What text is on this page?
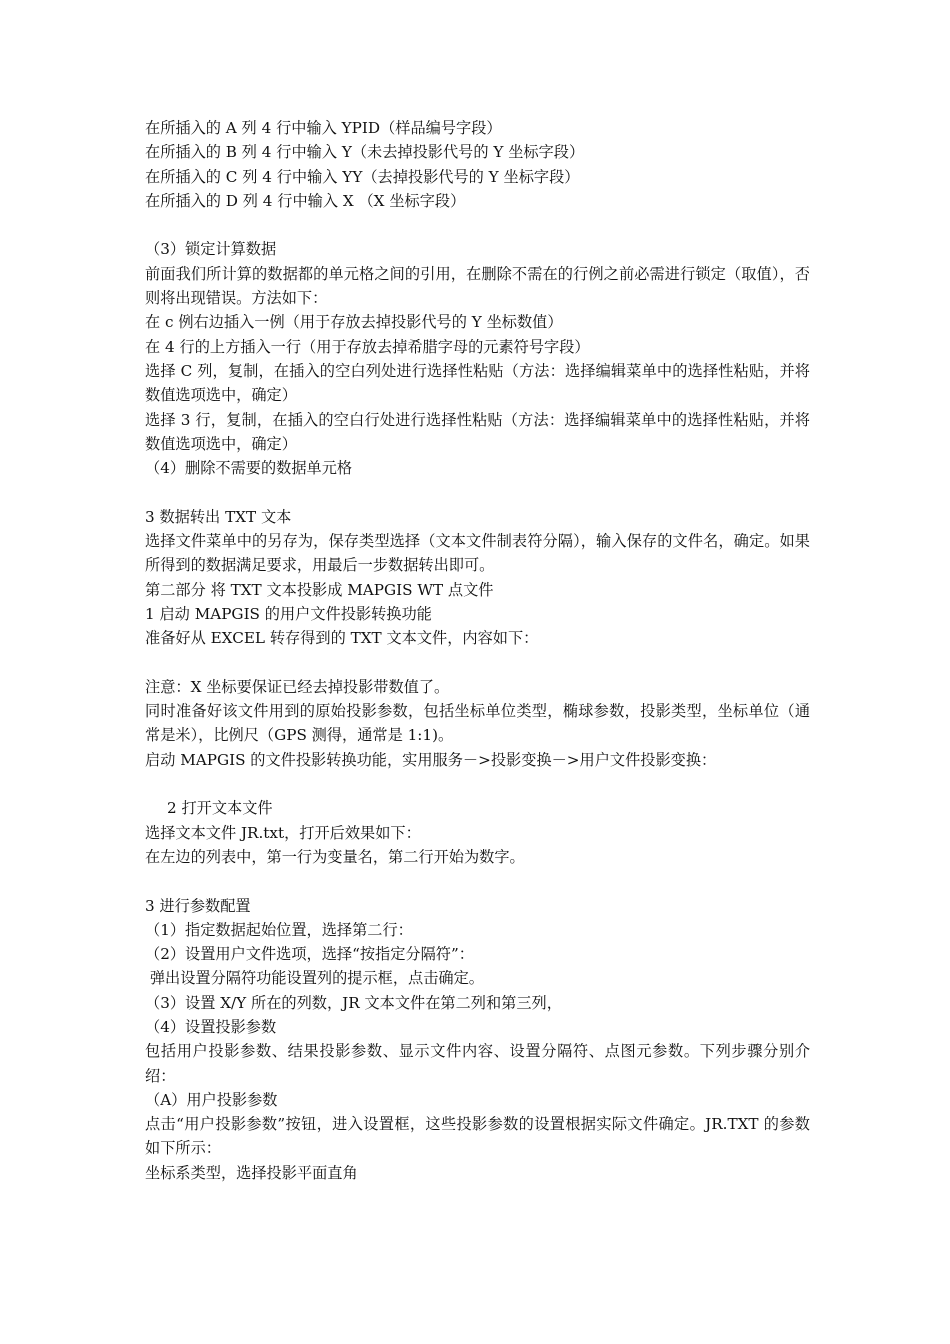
在所插入的 A 列 4 行中输入 YPID（样品编号字段）
在所插入的 B 列 4 行中输入 Y（未去掉投影代号的 Y 坐标字段）
在所插入的 C 列 4 行中输入 YY（去掉投影代号的 Y 坐标字段）
在所插入的 D 列 4 行中输入 X （X 坐标字段）
（3）锁定计算数据
前面我们所计算的数据都的单元格之间的引用，在删除不需在的行例之前必需进行锁定（取值），否则将出现错误。方法如下：
在 c 例右边插入一例（用于存放去掉投影代号的 Y 坐标数值）
在 4 行的上方插入一行（用于存放去掉希腊字母的元素符号字段）
选择 C 列，复制，在插入的空白列处进行选择性粘贴（方法：选择编辑菜单中的选择性粘贴，并将数值选项选中，确定）
选择 3 行，复制，在插入的空白行处进行选择性粘贴（方法：选择编辑菜单中的选择性粘贴，并将数值选项选中，确定）
（4）删除不需要的数据单元格
3 数据转出 TXT 文本
选择文件菜单中的另存为，保存类型选择（文本文件制表符分隔），输入保存的文件名，确定。如果所得到的数据满足要求，用最后一步数据转出即可。
第二部分 将 TXT 文本投影成 MAPGIS WT 点文件
1 启动 MAPGIS 的用户文件投影转换功能
准备好从 EXCEL 转存得到的 TXT 文本文件，内容如下：
注意：X 坐标要保证已经去掉投影带数值了。
同时准备好该文件用到的原始投影参数，包括坐标单位类型，椭球参数，投影类型，坐标单位（通常是米），比例尺（GPS 测得，通常是 1:1)。
启动 MAPGIS 的文件投影转换功能，实用服务－>投影变换－>用户文件投影变换：
2 打开文本文件
选择文本文件 JR.txt，打开后效果如下：
在左边的列表中，第一行为变量名，第二行开始为数字。
3 进行参数配置
（1）指定数据起始位置，选择第二行：
（2）设置用户文件选项，选择“按指定分隔符”：
弹出设置分隔符功能设置列的提示框，点击确定。
（3）设置 X/Y 所在的列数，JR 文本文件在第二列和第三列，
（4）设置投影参数
包括用户投影参数、结果投影参数、显示文件内容、设置分隔符、点图元参数。下列步骤分别介绍：
（A）用户投影参数
点击“用户投影参数”按钮，进入设置框，这些投影参数的设置根据实际文件确定。JR.TXT 的参数如下所示：
坐标系类型，选择投影平面直角
